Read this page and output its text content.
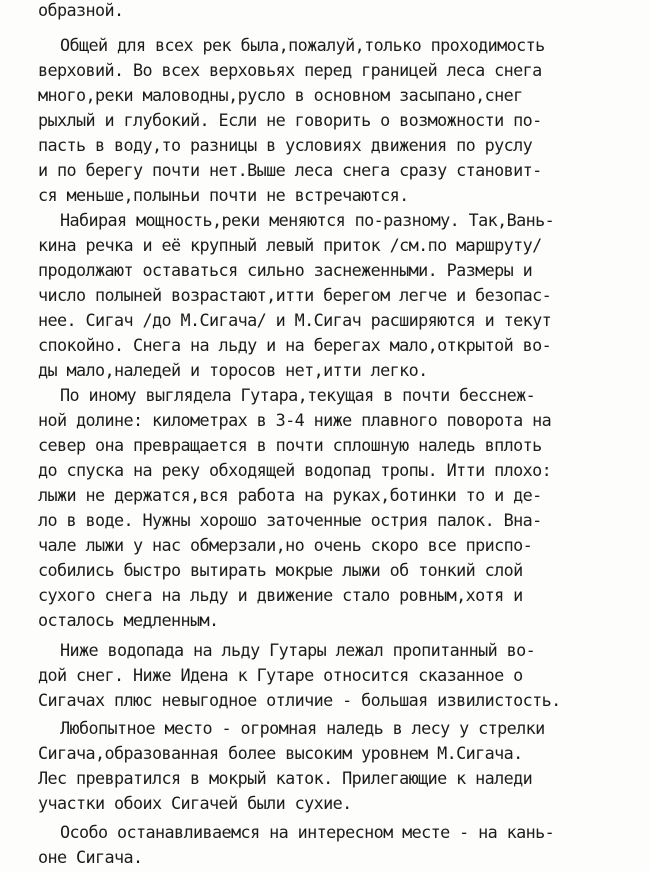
образной.
Общей для всех рек была,пожалуй,только проходимость
верховий. Во всех верховьях перед границей леса снега
много,реки маловодны,русло в основном засыпано,снег
рыхлый и глубокий. Если не говорить о возможности по-
пасть в воду,то разницы в условиях движения по руслу
и по берегу почти нет.Выше леса снега сразу становит-
ся меньше,полыньи почти не встречаются.
Набирая мощность,реки меняются по-разному. Так,Вань-
кина речка и её крупный левый приток /см.по маршруту/
продолжают оставаться сильно заснеженными. Размеры и
число полыней возрастают,итти берегом легче и безопас-
нее. Сигач /до М.Сигача/ и М.Сигач расширяются и текут
спокойно. Снега на льду и на берегах мало,открытой во-
ды мало,наледей и торосов нет,итти легко.
По иному выглядела Гутара,текущая в почти бесснеж-
ной долине: километрах в 3-4 ниже плавного поворота на
север она превращается в почти сплошную наледь вплоть
до спуска на реку обходящей водопад тропы. Итти плохо:
лыжи не держатся,вся работа на руках,ботинки то и де-
ло в воде. Нужны хорошо заточенные острия палок. Вна-
чале лыжи у нас обмерзали,но очень скоро все приспо-
собились быстро вытирать мокрые лыжи об тонкий слой
сухого снега на льду и движение стало ровным,хотя и
осталось медленным.
Ниже водопада на льду Гутары лежал пропитанный во-
дой снег. Ниже Идена к Гутаре относится сказанное о
Сигачах плюс невыгодное отличие - большая извилистость.
Любопытное место - огромная наледь в лесу у стрелки
Сигача,образованная более высоким уровнем М.Сигача.
Лес превратился в мокрый каток. Прилегающие к наледи
участки обоих Сигачей были сухие.
Особо останавливаемся на интересном месте - на кань-
оне Сигача.
